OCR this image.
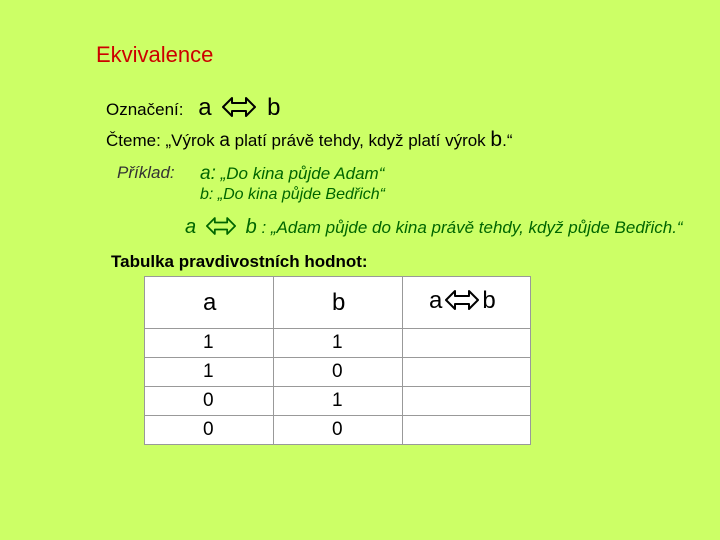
Ekvivalence
Označení: a b
Čteme: „Výrok a platí právě tehdy, když platí výrok b.“
Příklad: a: „Do kina půjde Adam“
b: „Do kina půjde Bedřich“
a b : „Adam půjde do kina právě tehdy, když půjde Bedřich.“
Tabulka pravdivostních hodnot:
a	b	a b
1	1	
1	0	
0	1	
0	0	
